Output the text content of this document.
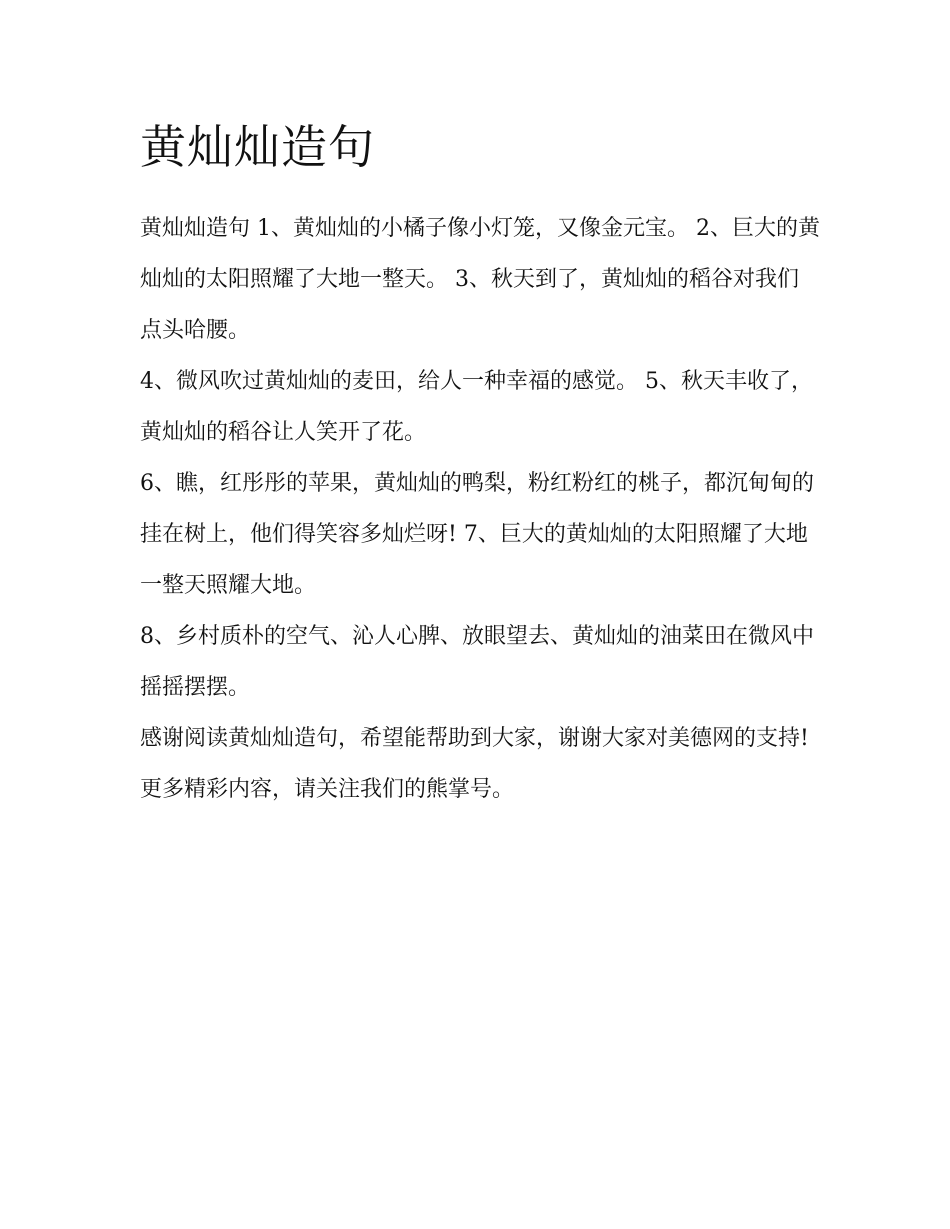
黄灿灿造句

黄灿灿造句 1、黄灿灿的小橘子像小灯笼，又像金元宝。 2、巨大的黄灿灿的太阳照耀了大地一整天。 3、秋天到了，黄灿灿的稻谷对我们点头哈腰。

4、微风吹过黄灿灿的麦田，给人一种幸福的感觉。 5、秋天丰收了，黄灿灿的稻谷让人笑开了花。

6、瞧，红彤彤的苹果，黄灿灿的鸭梨，粉红粉红的桃子，都沉甸甸的挂在树上，他们得笑容多灿烂呀! 7、巨大的黄灿灿的太阳照耀了大地一整天照耀大地。

8、乡村质朴的空气、沁人心脾、放眼望去、黄灿灿的油菜田在微风中摇摇摆摆。

感谢阅读黄灿灿造句，希望能帮助到大家，谢谢大家对美德网的支持!更多精彩内容，请关注我们的熊掌号。
